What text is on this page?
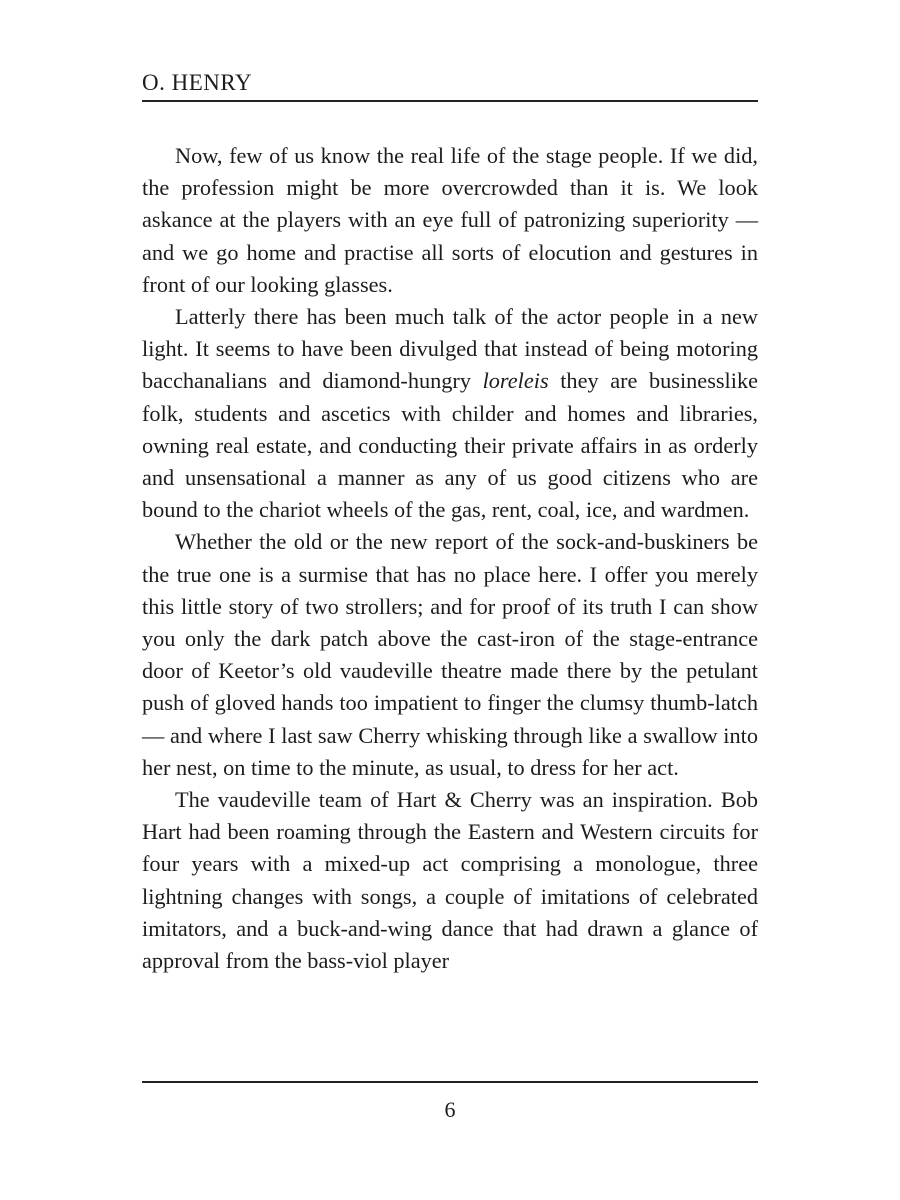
O. HENRY

Now, few of us know the real life of the stage people. If we did, the profession might be more overcrowded than it is. We look askance at the players with an eye full of patronizing superiority — and we go home and practise all sorts of elocution and gestures in front of our looking glasses.

Latterly there has been much talk of the actor people in a new light. It seems to have been divulged that instead of being motoring bacchanalians and diamond-hungry loreleis they are businesslike folk, students and ascetics with childer and homes and libraries, owning real estate, and conducting their private affairs in as orderly and unsensational a manner as any of us good citizens who are bound to the chariot wheels of the gas, rent, coal, ice, and wardmen.

Whether the old or the new report of the sock-and-buskiners be the true one is a surmise that has no place here. I offer you merely this little story of two strollers; and for proof of its truth I can show you only the dark patch above the cast-iron of the stage-entrance door of Keetor’s old vaudeville theatre made there by the petulant push of gloved hands too impatient to finger the clumsy thumb-latch — and where I last saw Cherry whisking through like a swallow into her nest, on time to the minute, as usual, to dress for her act.

The vaudeville team of Hart & Cherry was an inspiration. Bob Hart had been roaming through the Eastern and Western circuits for four years with a mixed-up act comprising a monologue, three lightning changes with songs, a couple of imitations of celebrated imitators, and a buck-and-wing dance that had drawn a glance of approval from the bass-viol player

6
